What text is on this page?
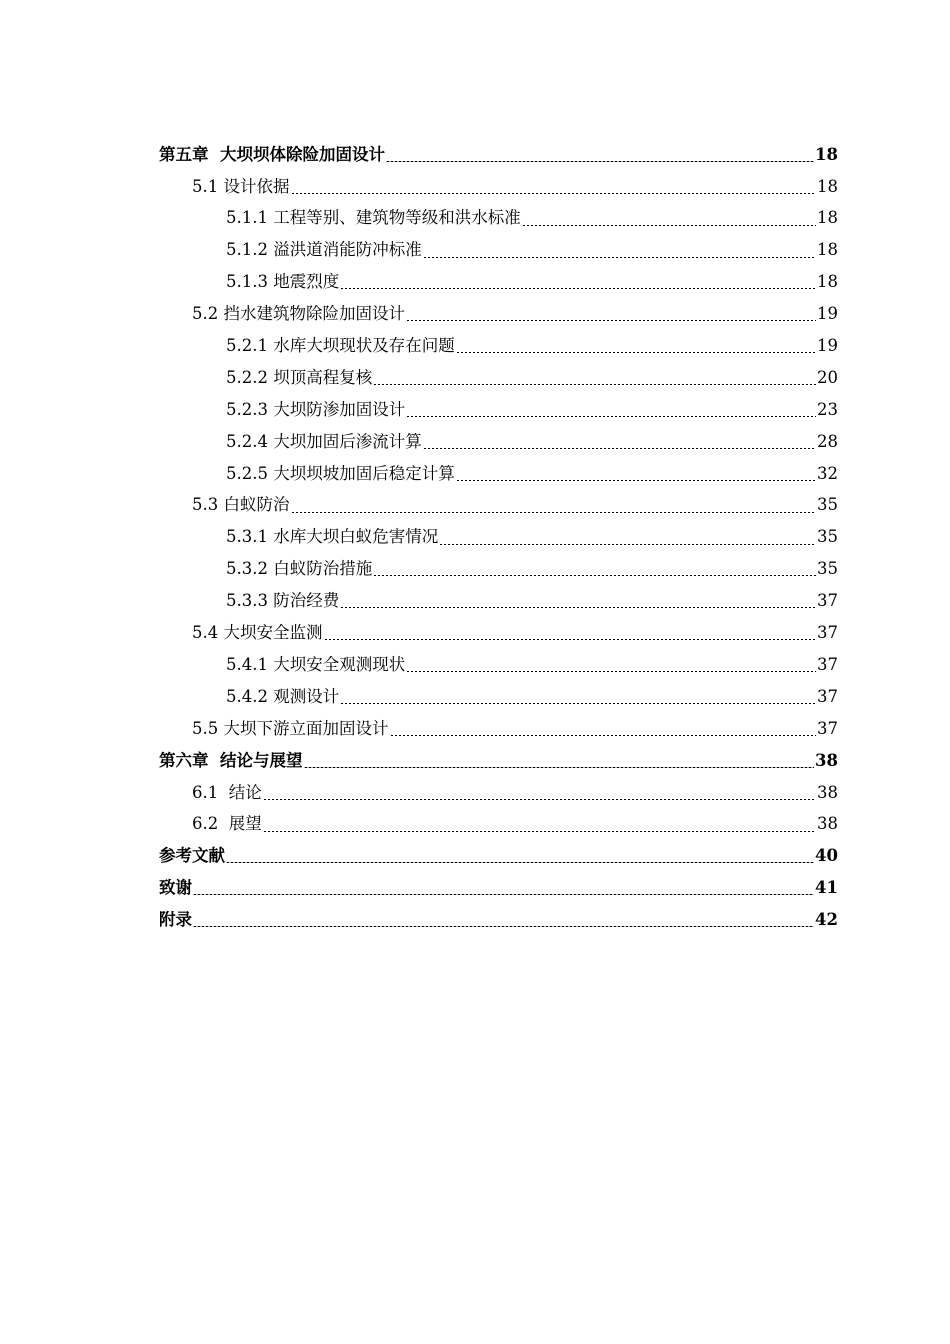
第五章  大坝坝体除险加固设计	18
5.1 设计依据	18
5.1.1 工程等别、建筑物等级和洪水标准	18
5.1.2 溢洪道消能防冲标准	18
5.1.3 地震烈度	18
5.2 挡水建筑物除险加固设计	19
5.2.1 水库大坝现状及存在问题	19
5.2.2 坝顶高程复核	20
5.2.3 大坝防渗加固设计	23
5.2.4 大坝加固后渗流计算	28
5.2.5 大坝坝坡加固后稳定计算	32
5.3 白蚁防治	35
5.3.1 水库大坝白蚁危害情况	35
5.3.2 白蚁防治措施	35
5.3.3 防治经费	37
5.4 大坝安全监测	37
5.4.1 大坝安全观测现状	37
5.4.2 观测设计	37
5.5 大坝下游立面加固设计	37
第六章  结论与展望	38
6.1  结论	38
6.2  展望	38
参考文献	40
致谢	41
附录	42
